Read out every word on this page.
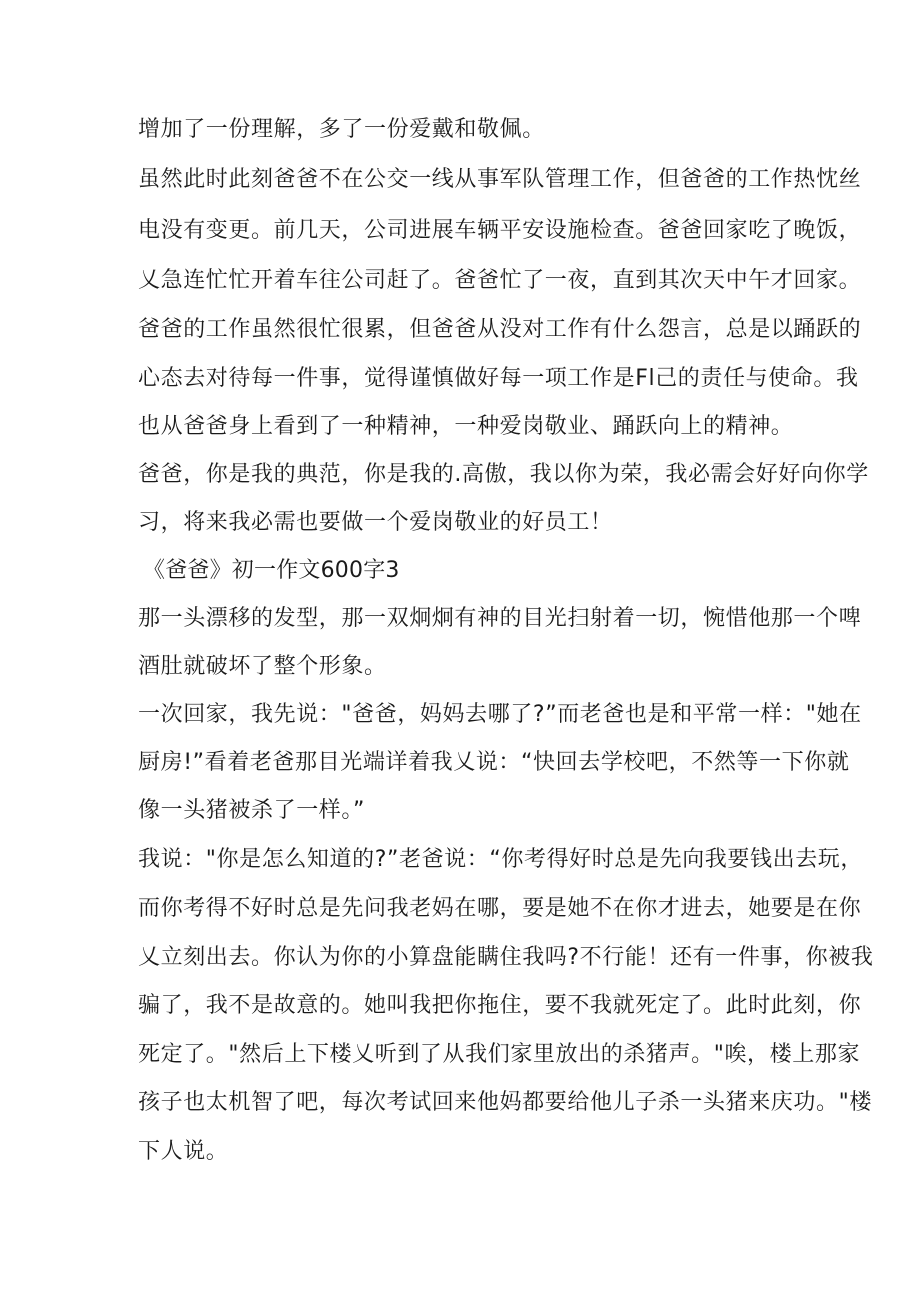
增加了一份理解，多了一份爱戴和敬佩。
虽然此时此刻爸爸不在公交一线从事军队管理工作，但爸爸的工作热忱丝
电没有变更。前几天，公司进展车辆平安设施检查。爸爸回家吃了晚饭，
乂急连忙忙开着车往公司赶了。爸爸忙了一夜，直到其次天中午才回家。
爸爸的工作虽然很忙很累，但爸爸从没对工作有什么怨言，总是以踊跃的
心态去对待每一件事，觉得谨慎做好每一项工作是Fl己的责任与使命。我
也从爸爸身上看到了一种精神，一种爱岗敬业、踊跃向上的精神。
爸爸，你是我的典范，你是我的.高傲，我以你为荣，我必需会好好向你学
习，将来我必需也要做一个爱岗敬业的好员工！
《爸爸》初一作文600字3
那一头漂移的发型，那一双炯炯有神的目光扫射着一切，惋惜他那一个啤
酒肚就破坏了整个形象。
一次回家，我先说："爸爸，妈妈去哪了?”而老爸也是和平常一样："她在
厨房!”看着老爸那目光端详着我乂说：“快回去学校吧，不然等一下你就
像一头猪被杀了一样。”
我说："你是怎么知道的?”老爸说：“你考得好时总是先向我要钱出去玩，
而你考得不好时总是先问我老妈在哪，要是她不在你才进去，她要是在你
乂立刻出去。你认为你的小算盘能瞒住我吗?不行能！还有一件事，你被我
骗了，我不是故意的。她叫我把你拖住，要不我就死定了。此时此刻，你
死定了。"然后上下楼乂听到了从我们家里放出的杀猪声。"唉，楼上那家
孩子也太机智了吧，每次考试回来他妈都要给他儿子杀一头猪来庆功。"楼
下人说。
